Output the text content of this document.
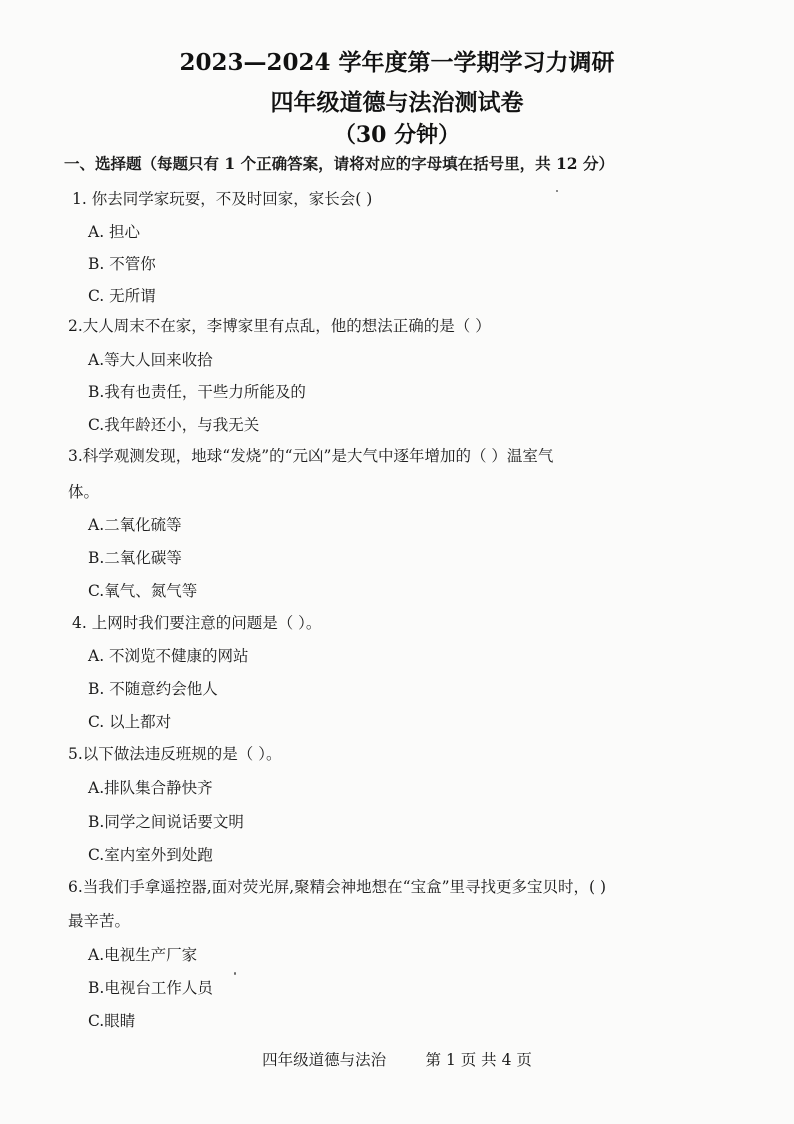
2023—2024 学年度第一学期学习力调研
四年级道德与法治测试卷
（30 分钟）
一、选择题（每题只有 1 个正确答案，请将对应的字母填在括号里，共 12 分）
1. 你去同学家玩耍，不及时回家，家长会( )
A. 担心
B. 不管你
C. 无所谓
2.大人周末不在家，李博家里有点乱，他的想法正确的是（ ）
A.等大人回来收拾
B.我有也责任，干些力所能及的
C.我年龄还小，与我无关
3.科学观测发现，地球“发烧”的“元凶”是大气中逐年增加的（ ）温室气
体。
A.二氧化硫等
B.二氧化碳等
C.氧气、氮气等
4. 上网时我们要注意的问题是（ ）。
A. 不浏览不健康的网站
B. 不随意约会他人
C. 以上都对
5.以下做法违反班规的是（ ）。
A.排队集合静快齐
B.同学之间说话要文明
C.室内室外到处跑
6.当我们手拿遥控器,面对荧光屏,聚精会神地想在“宝盒”里寻找更多宝贝时，( )
最辛苦。
A.电视生产厂家
B.电视台工作人员
C.眼睛
四年级道德与法治	第 1 页 共 4 页
